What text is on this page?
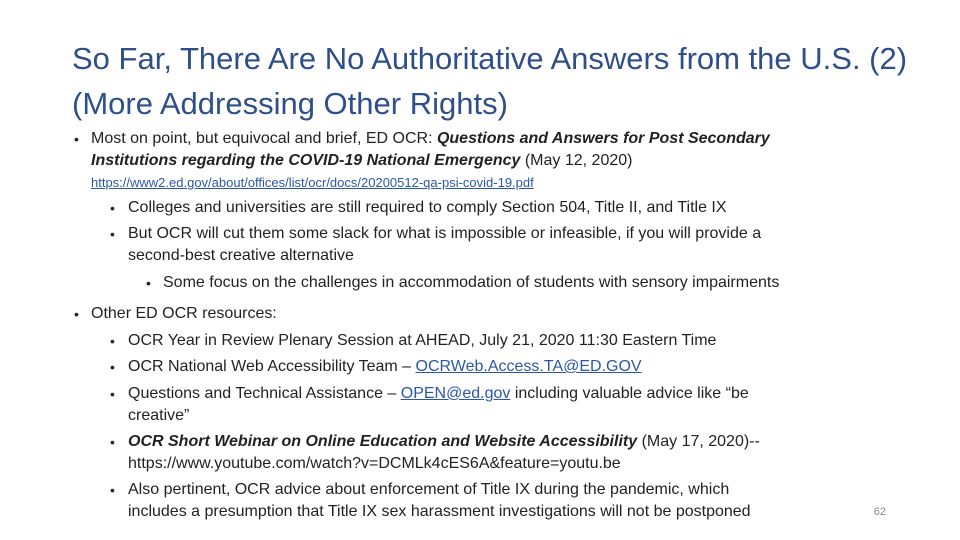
So Far, There Are No Authoritative Answers from the U.S. (2) (More Addressing Other Rights)
• Most on point, but equivocal and brief, ED OCR: Questions and Answers for Post Secondary
Institutions regarding the COVID-19 National Emergency (May 12, 2020)
https://www2.ed.gov/about/offices/list/ocr/docs/20200512-qa-psi-covid-19.pdf
• Colleges and universities are still required to comply Section 504, Title II, and Title IX
• But OCR will cut them some slack for what is impossible or infeasible, if you will provide a
second-best creative alternative
• Some focus on the challenges in accommodation of students with sensory impairments
• Other ED OCR resources:
• OCR Year in Review Plenary Session at AHEAD, July 21, 2020 11:30 Eastern Time
• OCR National Web Accessibility Team – OCRWeb.Access.TA@ED.GOV
• Questions and Technical Assistance – OPEN@ed.gov including valuable advice like “be
creative”
• OCR Short Webinar on Online Education and Website Accessibility (May 17, 2020)--
https://www.youtube.com/watch?v=DCMLk4cES6A&feature=youtu.be
• Also pertinent, OCR advice about enforcement of Title IX during the pandemic, which
includes a presumption that Title IX sex harassment investigations will not be postponed	62
